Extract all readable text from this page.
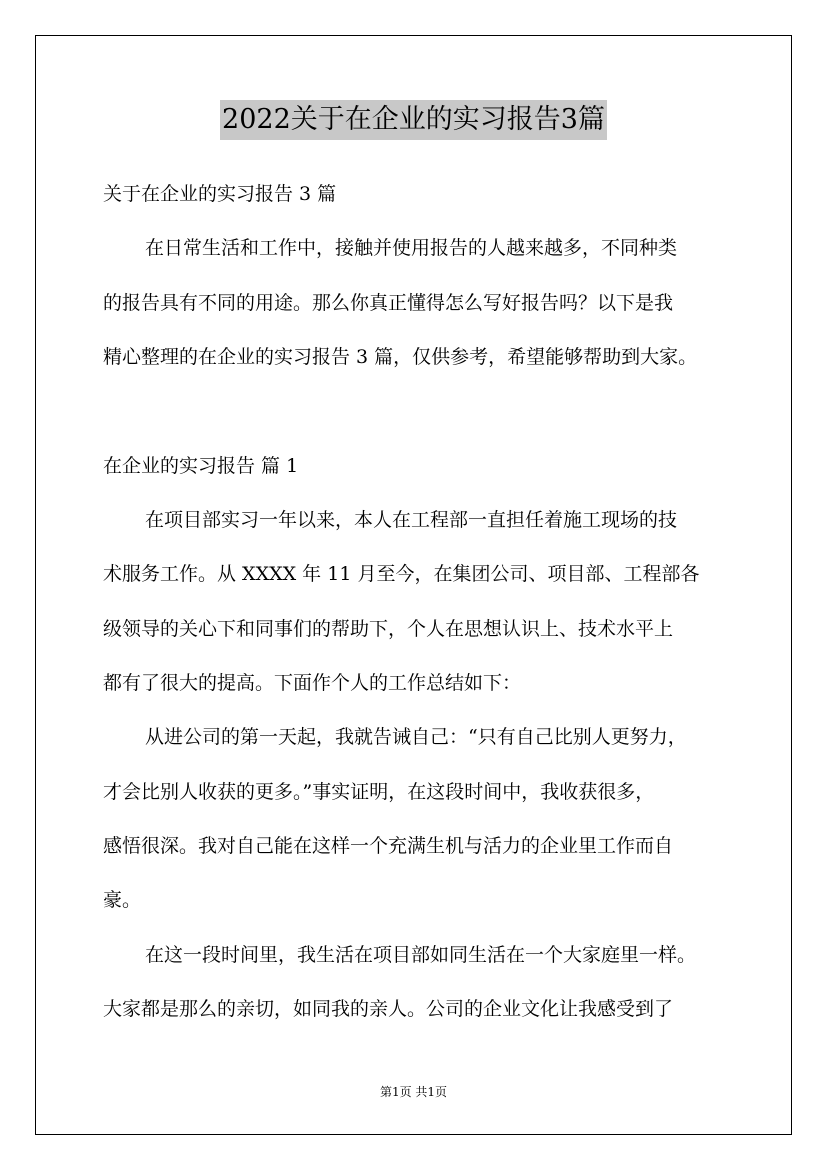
2022关于在企业的实习报告3篇
关于在企业的实习报告 3 篇
在日常生活和工作中，接触并使用报告的人越来越多，不同种类
的报告具有不同的用途。那么你真正懂得怎么写好报告吗？以下是我
精心整理的在企业的实习报告 3 篇，仅供参考，希望能够帮助到大家。
在企业的实习报告 篇 1
在项目部实习一年以来，本人在工程部一直担任着施工现场的技
术服务工作。从 XXXX 年 11 月至今，在集团公司、项目部、工程部各
级领导的关心下和同事们的帮助下，个人在思想认识上、技术水平上
都有了很大的提高。下面作个人的工作总结如下：
从进公司的第一天起，我就告诫自己：“只有自己比别人更努力，
才会比别人收获的更多。”事实证明，在这段时间中，我收获很多，
感悟很深。我对自己能在这样一个充满生机与活力的企业里工作而自
豪。
在这一段时间里，我生活在项目部如同生活在一个大家庭里一样。
大家都是那么的亲切，如同我的亲人。公司的企业文化让我感受到了
第1页 共1页
